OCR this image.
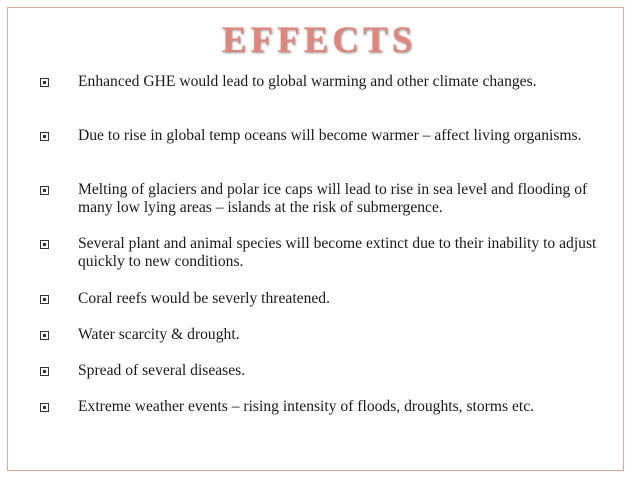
EFFECTS
Enhanced GHE would lead to global warming and other climate changes.
Due to rise in global temp oceans will become warmer – affect living organisms.
Melting of glaciers and polar ice caps will lead to rise in sea level and flooding of many low lying areas – islands at the risk of submergence.
Several plant and animal species will become extinct due to their inability to adjust quickly to new conditions.
Coral reefs would be severly threatened.
Water scarcity & drought.
Spread of several diseases.
Extreme weather events – rising intensity of floods, droughts, storms etc.
